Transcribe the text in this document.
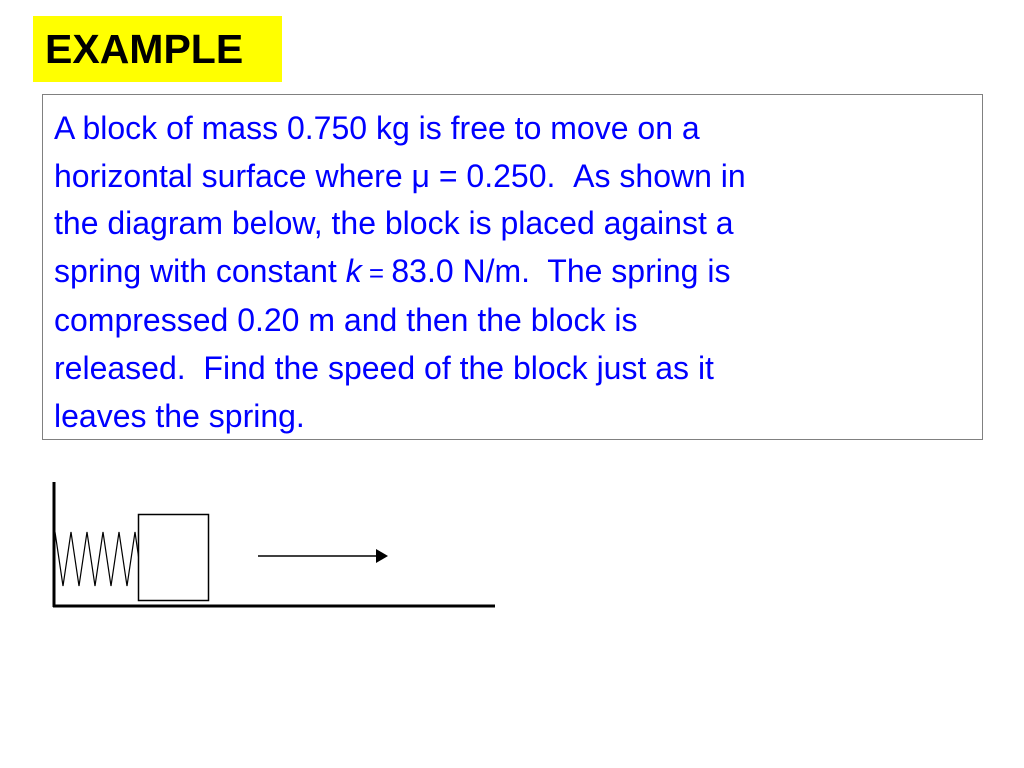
EXAMPLE
A block of mass 0.750 kg is free to move on a
horizontal surface where μ = 0.250.  As shown in
the diagram below, the block is placed against a
spring with constant k = 83.0 N/m.  The spring is
compressed 0.20 m and then the block is
released.  Find the speed of the block just as it
leaves the spring.
